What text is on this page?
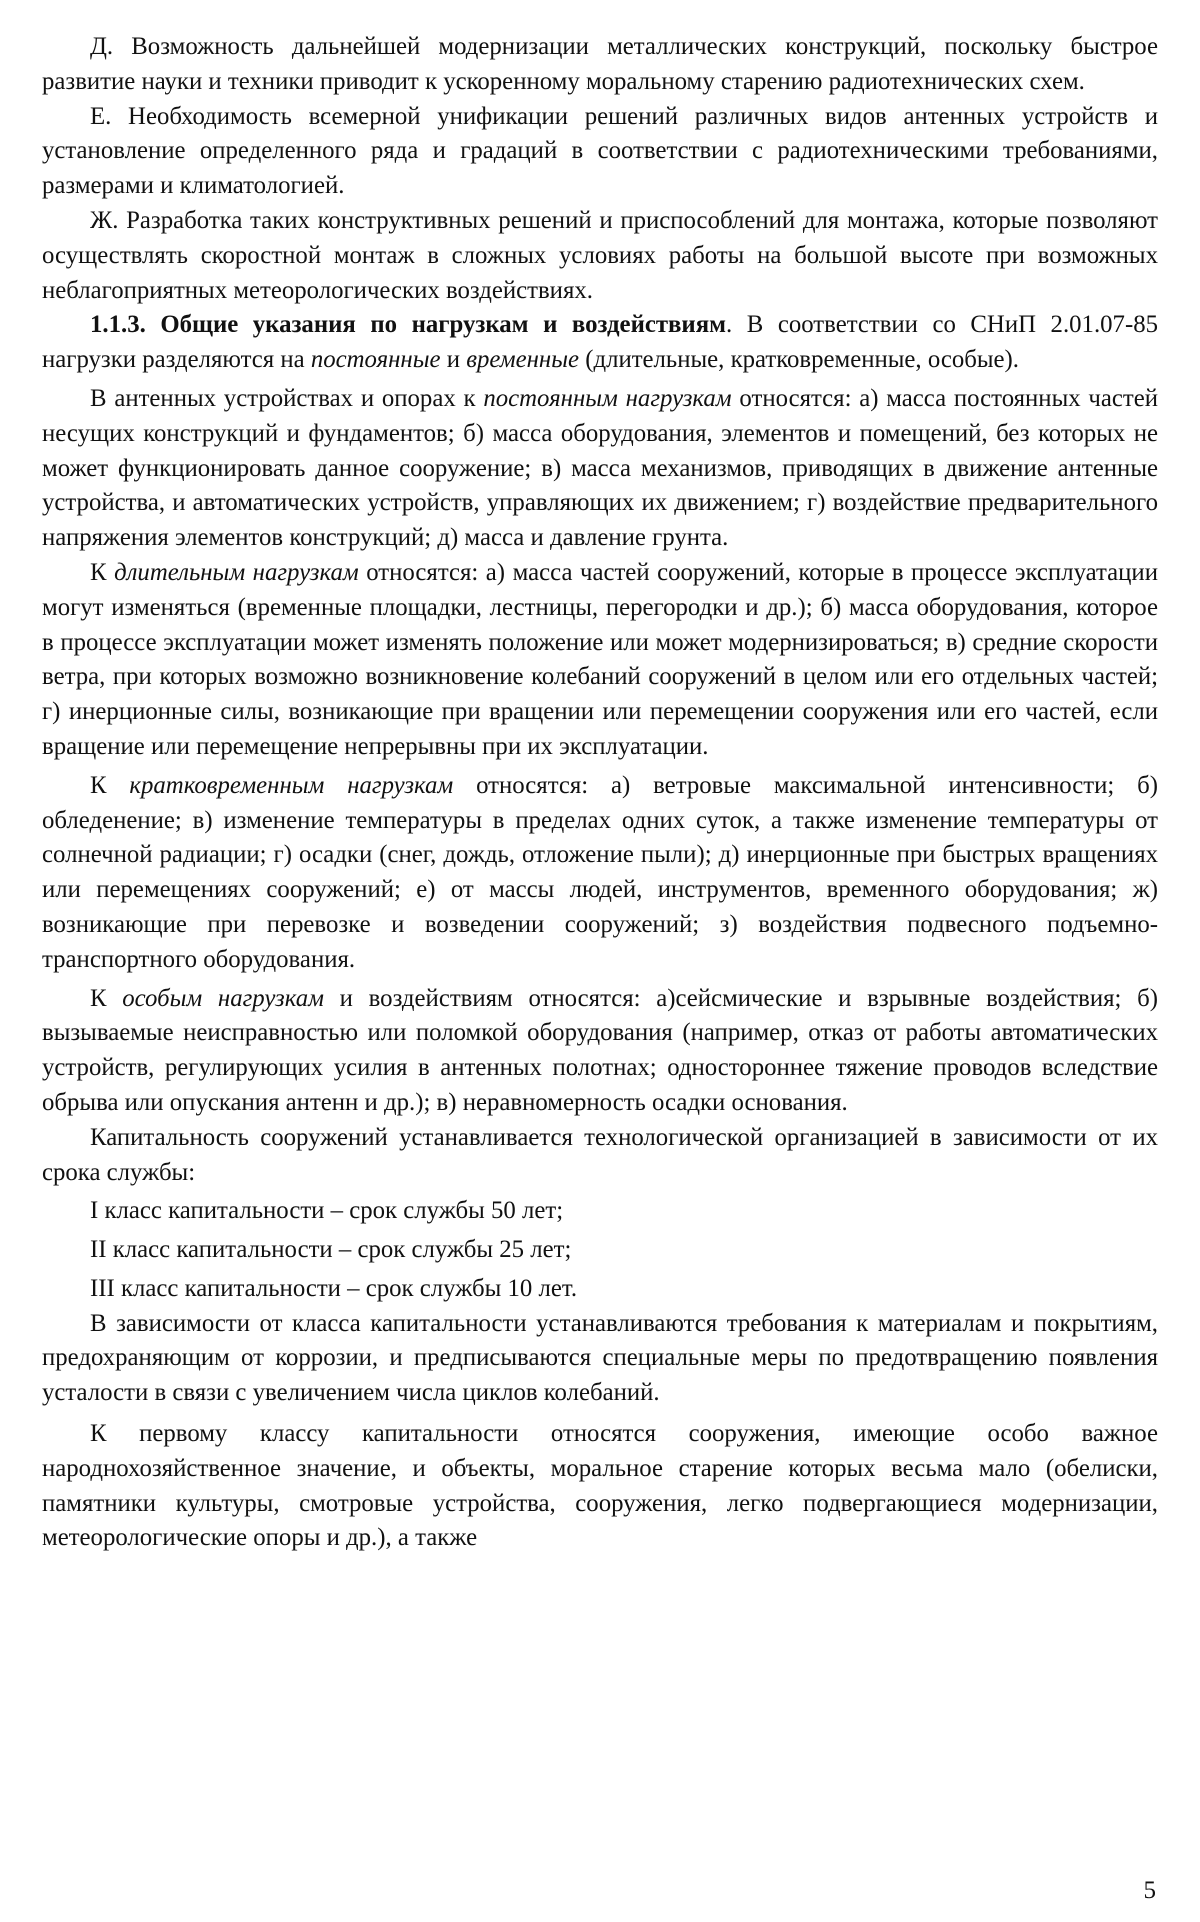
Д. Возможность дальнейшей модернизации металлических конструкций, поскольку быстрое развитие науки и техники приводит к ускоренному моральному старению радиотехнических схем.

Е. Необходимость всемерной унификации решений различных видов антенных устройств и установление определенного ряда и градаций в соответствии с радиотехническими требованиями, размерами и климатологией.

Ж. Разработка таких конструктивных решений и приспособлений для монтажа, которые позволяют осуществлять скоростной монтаж в сложных условиях работы на большой высоте при возможных неблагоприятных метеорологических воздействиях.

1.1.3. Общие указания по нагрузкам и воздействиям. В соответствии со СНиП 2.01.07-85 нагрузки разделяются на постоянные и временные (длительные, кратковременные, особые).

В антенных устройствах и опорах к постоянным нагрузкам относятся: а) масса постоянных частей несущих конструкций и фундаментов; б) масса оборудования, элементов и помещений, без которых не может функционировать данное сооружение; в) масса механизмов, приводящих в движение антенные устройства, и автоматических устройств, управляющих их движением; г) воздействие предварительного напряжения элементов конструкций; д) масса и давление грунта.

К длительным нагрузкам относятся: а) масса частей сооружений, которые в процессе эксплуатации могут изменяться (временные площадки, лестницы, перегородки и др.); б) масса оборудования, которое в процессе эксплуатации может изменять положение или может модернизироваться; в) средние скорости ветра, при которых возможно возникновение колебаний сооружений в целом или его отдельных частей; г) инерционные силы, возникающие при вращении или перемещении сооружения или его частей, если вращение или перемещение непрерывны при их эксплуатации.

К кратковременным нагрузкам относятся: а) ветровые максимальной интенсивности; б) обледенение; в) изменение температуры в пределах одних суток, а также изменение температуры от солнечной радиации; г) осадки (снег, дождь, отложение пыли); д) инерционные при быстрых вращениях или перемещениях сооружений; е) от массы людей, инструментов, временного оборудования; ж) возникающие при перевозке и возведении сооружений; з) воздействия подвесного подъемно-транспортного оборудования.

К особым нагрузкам и воздействиям относятся: а)сейсмические и взрывные воздействия; б) вызываемые неисправностью или поломкой оборудования (например, отказ от работы автоматических устройств, регулирующих усилия в антенных полотнах; одностороннее тяжение проводов вследствие обрыва или опускания антенн и др.); в) неравномерность осадки основания.

Капитальность сооружений устанавливается технологической организацией в зависимости от их срока службы:

I класс капитальности – срок службы 50 лет;

II класс капитальности – срок службы 25 лет;

III класс капитальности – срок службы 10 лет.

В зависимости от класса капитальности устанавливаются требования к материалам и покрытиям, предохраняющим от коррозии, и предписываются специальные меры по предотвращению появления усталости в связи с увеличением числа циклов колебаний.

К первому классу капитальности относятся сооружения, имеющие особо важное народнохозяйственное значение, и объекты, моральное старение которых весьма мало (обелиски, памятники культуры, смотровые устройства, сооружения, легко подвергающиеся модернизации, метеорологические опоры и др.), а также

5
